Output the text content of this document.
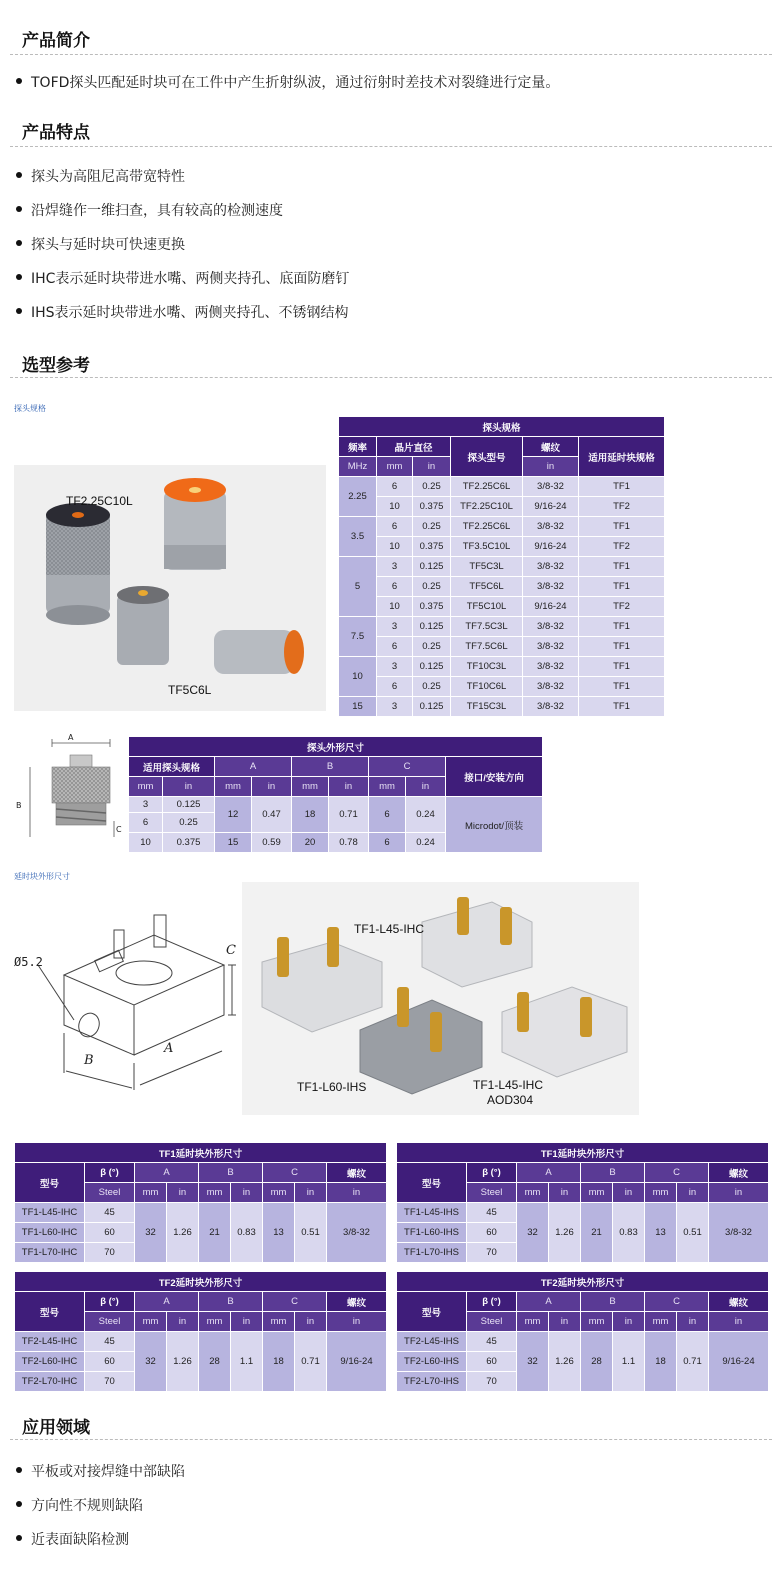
产品简介
TOFD探头匹配延时块可在工件中产生折射纵波，通过衍射时差技术对裂缝进行定量。
产品特点
探头为高阻尼高带宽特性
沿焊缝作一维扫查，具有较高的检测速度
探头与延时块可快速更换
IHC表示延时块带进水嘴、两侧夹持孔、底面防磨钉
IHS表示延时块带进水嘴、两侧夹持孔、不锈钢结构
选型参考
探头规格
TF2.25C10L
TF5C6L
探头规格					
频率	晶片直径		探头型号	螺纹	适用延时块规格
MHz	mm	in		in	
2.25	6	0.25	TF2.25C6L	3/8-32	TF1
	10	0.375	TF2.25C10L	9/16-24	TF2
3.5	6	0.25	TF2.25C6L	3/8-32	TF1
	10	0.375	TF3.5C10L	9/16-24	TF2
5	3	0.125	TF5C3L	3/8-32	TF1
	6	0.25	TF5C6L	3/8-32	TF1
	10	0.375	TF5C10L	9/16-24	TF2
7.5	3	0.125	TF7.5C3L	3/8-32	TF1
	6	0.25	TF7.5C6L	3/8-32	TF1
10	3	0.125	TF10C3L	3/8-32	TF1
	6	0.25	TF10C6L	3/8-32	TF1
15	3	0.125	TF15C3L	3/8-32	TF1
A
B
C
探头外形尺寸								
适用探头规格		A		B		C		接口/安装方向
mm	in	mm	in	mm	in	mm	in	
3	0.125	12	0.47	18	0.71	6	0.24	Microdot/顶装
6	0.25							
10	0.375	15	0.59	20	0.78	6	0.24	
延时块外形尺寸
Ø5.2
A
B
C
TF1-L45-IHC
TF1-L60-IHS	TF1-L45-IHC
AOD304
TF1延时块外形尺寸								
型号	β (°)	A		B		C		螺纹
	Steel	mm	in	mm	in	mm	in	in
TF1-L45-IHC	45	32	1.26	21	0.83	13	0.51	3/8-32
TF1-L60-IHC	60							
TF1-L70-IHC	70							
TF1延时块外形尺寸								
型号	β (°)	A		B		C		螺纹
	Steel	mm	in	mm	in	mm	in	in
TF1-L45-IHS	45	32	1.26	21	0.83	13	0.51	3/8-32
TF1-L60-IHS	60							
TF1-L70-IHS	70							
TF2延时块外形尺寸								
型号	β (°)	A		B		C		螺纹
	Steel	mm	in	mm	in	mm	in	in
TF2-L45-IHC	45	32	1.26	28	1.1	18	0.71	9/16-24
TF2-L60-IHC	60							
TF2-L70-IHC	70							
TF2延时块外形尺寸								
型号	β (°)	A		B		C		螺纹
	Steel	mm	in	mm	in	mm	in	in
TF2-L45-IHS	45	32	1.26	28	1.1	18	0.71	9/16-24
TF2-L60-IHS	60							
TF2-L70-IHS	70							
应用领域
平板或对接焊缝中部缺陷
方向性不规则缺陷
近表面缺陷检测
